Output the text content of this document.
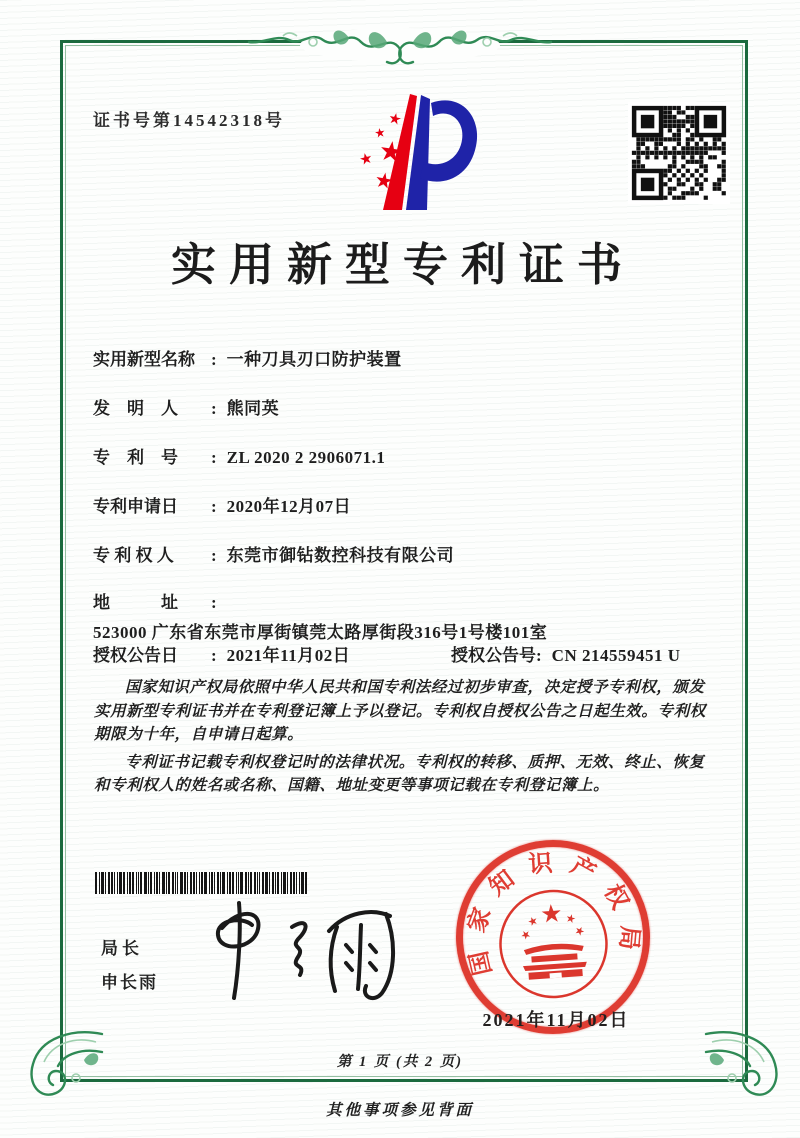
证书号第14542318号
实用新型专利证书
实用新型名称 : 一种刀具刃口防护装置
发　明　人 : 熊同英
专　利　号 : ZL 2020 2 2906071.1
专利申请日 : 2020年12月07日
专 利 权 人 : 东莞市御钻数控科技有限公司
地　　　址 :523000 广东省东莞市厚街镇莞太路厚街段316号1号楼101室
授权公告日 : 2021年11月02日	授权公告号: CN 214559451 U

国家知识产权局依照中华人民共和国专利法经过初步审查，决定授予专利权，颁发实用新型专利证书并在专利登记簿上予以登记。专利权自授权公告之日起生效。专利权期限为十年，自申请日起算。

专利证书记载专利权登记时的法律状况。专利权的转移、质押、无效、终止、恢复和专利权人的姓名或名称、国籍、地址变更等事项记载在专利登记簿上。

局长
申长雨
国家知识产权局
2021年11月02日
第 1 页 (共 2 页)
其他事项参见背面
